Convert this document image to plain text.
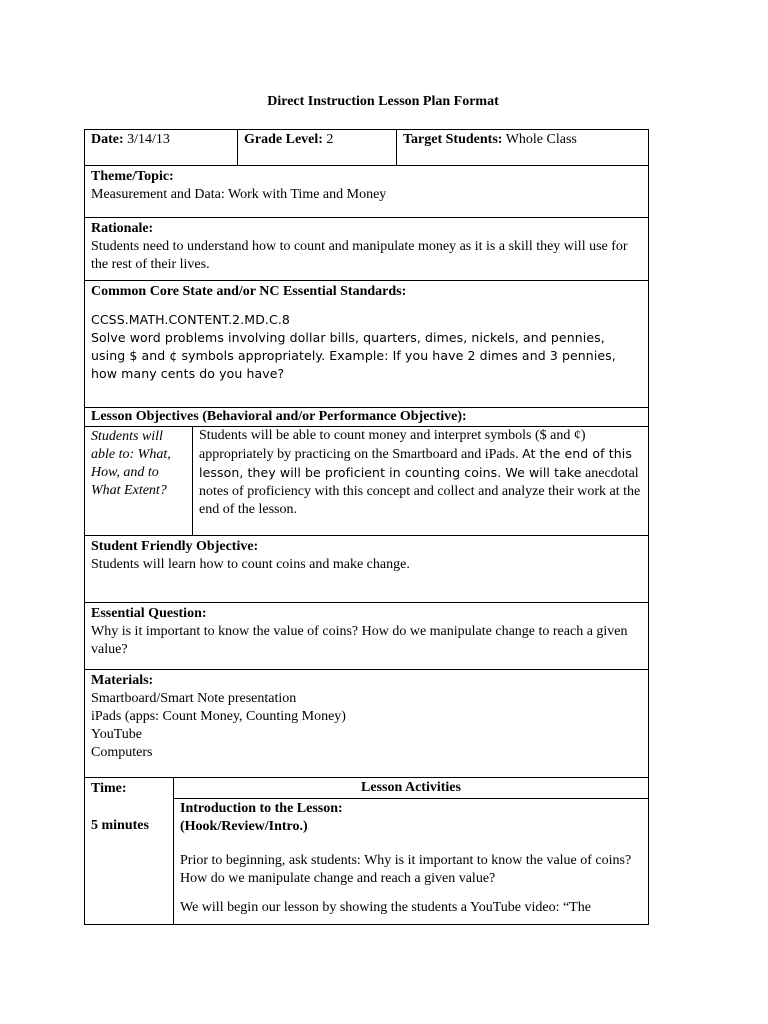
Direct Instruction Lesson Plan Format
Date: 3/14/13	Grade Level: 2	Target Students: Whole Class

Theme/Topic:

Measurement and Data: Work with Time and Money

Rationale:

Students need to understand how to count and manipulate money as it is a skill they will use for the rest of their lives.

Common Core State and/or NC Essential Standards:

CCSS.MATH.CONTENT.2.MD.C.8

Solve word problems involving dollar bills, quarters, dimes, nickels, and pennies, using $ and ¢ symbols appropriately. Example: If you have 2 dimes and 3 pennies, how many cents do you have?

Lesson Objectives (Behavioral and/or Performance Objective):

Students will able to: What, How, and to What Extent?
Students will be able to count money and interpret symbols ($ and ¢) appropriately by practicing on the Smartboard and iPads. At the end of this lesson, they will be proficient in counting coins. We will take anecdotal notes of proficiency with this concept and collect and analyze their work at the end of the lesson.

Student Friendly Objective:

Students will learn how to count coins and make change.

Essential Question:

Why is it important to know the value of coins? How do we manipulate change to reach a given value?

Materials:

Smartboard/Smart Note presentation

iPads (apps: Count Money, Counting Money)

YouTube

Computers

Time:

5 minutes

Lesson Activities

Introduction to the Lesson:

(Hook/Review/Intro.)

Prior to beginning, ask students: Why is it important to know the value of coins? How do we manipulate change and reach a given value?

We will begin our lesson by showing the students a YouTube video: “The
